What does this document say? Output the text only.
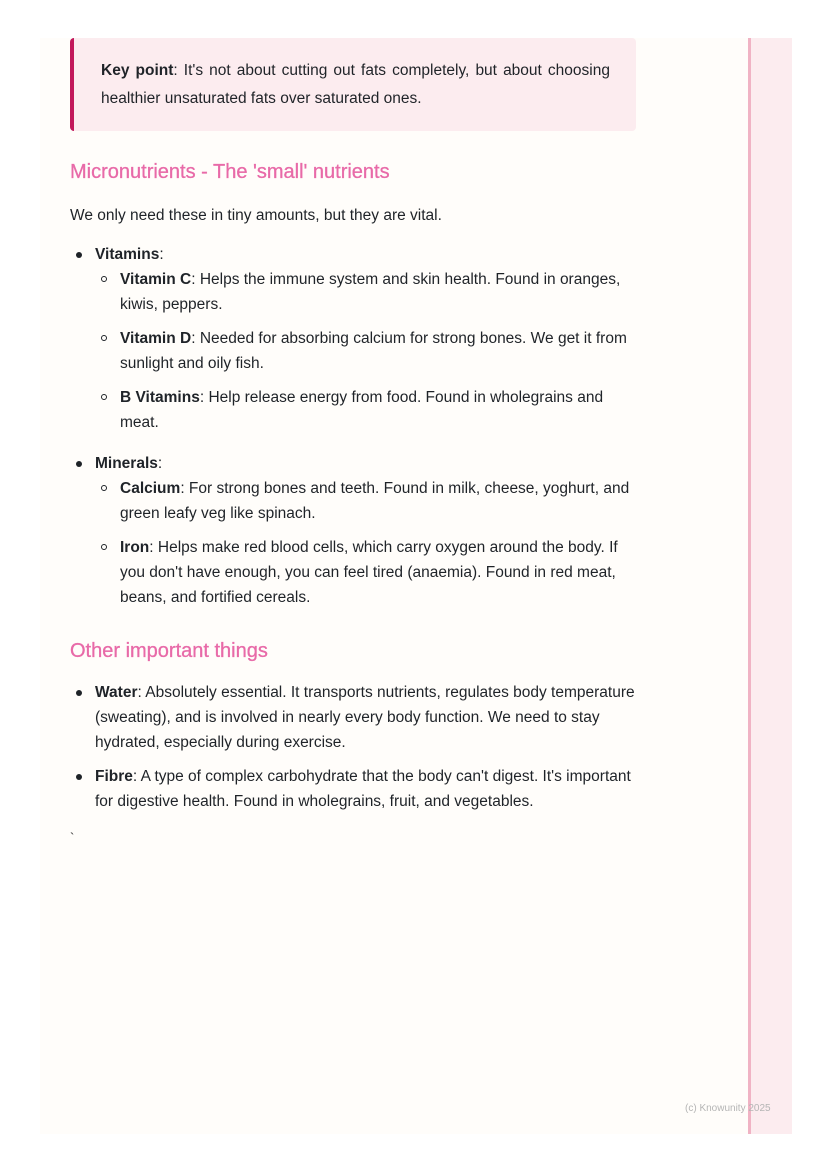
Key point: It's not about cutting out fats completely, but about choosing healthier unsaturated fats over saturated ones.
Micronutrients - The 'small' nutrients

We only need these in tiny amounts, but they are vital.

Vitamins:
Vitamin C: Helps the immune system and skin health. Found in oranges, kiwis, peppers.
Vitamin D: Needed for absorbing calcium for strong bones. We get it from sunlight and oily fish.
B Vitamins: Help release energy from food. Found in wholegrains and meat.
Minerals:
Calcium: For strong bones and teeth. Found in milk, cheese, yoghurt, and green leafy veg like spinach.
Iron: Helps make red blood cells, which carry oxygen around the body. If you don't have enough, you can feel tired (anaemia). Found in red meat, beans, and fortified cereals.
Other important things
Water: Absolutely essential. It transports nutrients, regulates body temperature (sweating), and is involved in nearly every body function. We need to stay hydrated, especially during exercise.
Fibre: A type of complex carbohydrate that the body can't digest. It's important for digestive health. Found in wholegrains, fruit, and vegetables.
`
(c) Knowunity 2025
